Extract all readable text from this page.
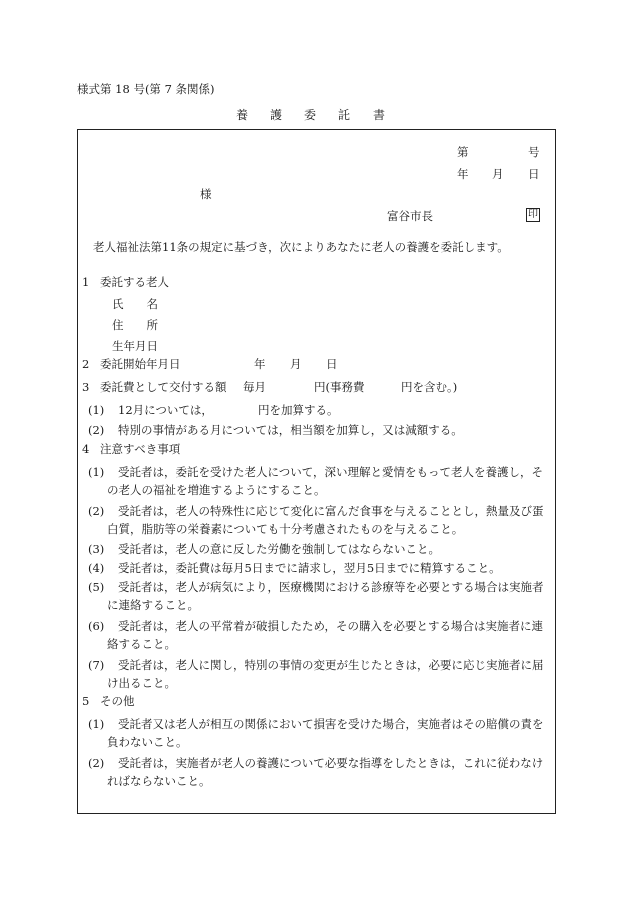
様式第 18 号(第 7 条関係)
養 護 委 託 書
第	号
年 月 日
様
富谷市長	印
老人福祉法第11条の規定に基づき，次によりあなたに老人の養護を委託します。
1 委託する老人
氏　　名
住　　所
生年月日
2 委託開始年月日	年 月 日
3 委託費として交付する額 毎月	円(事務費	円を含む。)
(1) 12月については，	円を加算する。
(2) 特別の事情がある月については，相当額を加算し，又は減額する。
4 注意すべき事項
(1) 受託者は，委託を受けた老人について，深い理解と愛情をもって老人を養護し，そ
の老人の福祉を増進するようにすること。
(2) 受託者は，老人の特殊性に応じて変化に富んだ食事を与えることとし，熱量及び蛋
白質，脂肪等の栄養素についても十分考慮されたものを与えること。
(3) 受託者は，老人の意に反した労働を強制してはならないこと。
(4) 受託者は，委託費は毎月5日までに請求し，翌月5日までに精算すること。
(5) 受託者は，老人が病気により，医療機関における診療等を必要とする場合は実施者
に連絡すること。
(6) 受託者は，老人の平常着が破損したため，その購入を必要とする場合は実施者に連
絡すること。
(7) 受託者は，老人に関し，特別の事情の変更が生じたときは，必要に応じ実施者に届
け出ること。
5 その他
(1) 受託者又は老人が相互の関係において損害を受けた場合，実施者はその賠償の責を
負わないこと。
(2) 受託者は，実施者が老人の養護について必要な指導をしたときは，これに従わなけ
ればならないこと。
